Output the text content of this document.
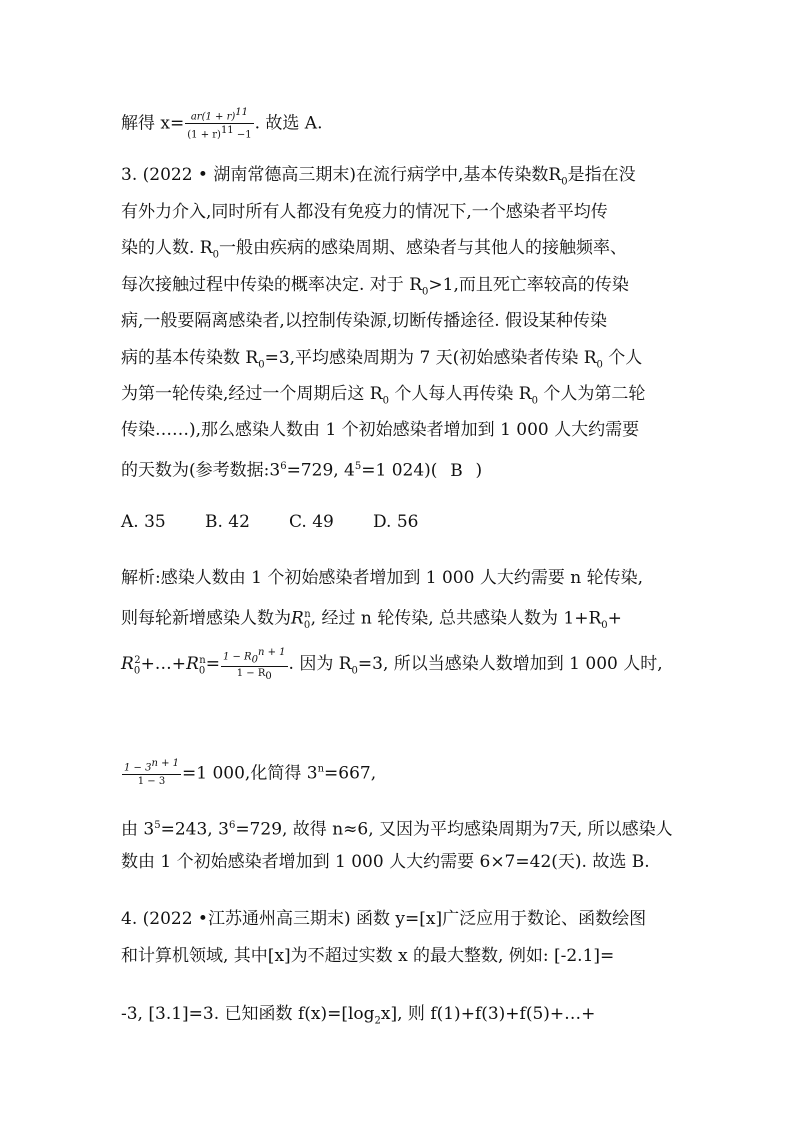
解得 $x= \frac{ar(1 + r)^{11}}{(1 + r)^{11} -1}$ . 故选 A.
3. (2022 • 湖南常德高三期末)在流行病学中,基本传染数$R_0$是指在没
有外力介入,同时所有人都没有免疫力的情况下,一个感染者平均传
染的人数. $R_0$一般由疾病的感染周期、感染者与其他人的接触频率、
每次接触过程中传染的概率决定. 对于 $R_0>1$,而且死亡率较高的传染
病,一般要隔离感染者,以控制传染源,切断传播途径. 假设某种传染
病的基本传染数 $R_0=3$,平均感染周期为 7 天(初始感染者传染 $R_0$ 个人
为第一轮传染,经过一个周期后这 $R_0$ 个人每人再传染 $R_0$ 个人为第二轮
传染……),那么感染人数由 1 个初始感染者增加到 1 000 人大约需要
的天数为(参考数据$:3^6=729$, $4^5=1$ 024)( B )
A. 35 B. 42 C. 49 D. 56
解析:感染人数由 1 个初始感染者增加到 1 000 人大约需要 n 轮传染,
则每轮新增感染人数为$R_0^n$, 经过 n 轮传染, 总共感染人数为 $1+R_0+$
$R_0^2+\dots+R_0^n= \frac{1 - R_0^{n + 1}}{1 - R_0}$ . 因为 $R_0=3$, 所以当感染人数增加到 1 000 人时,
$\frac{1 - 3^{n + 1}}{1 - 3} =1$ 000,化简得 $3^n=667$,
由 $3^5=243$, $3^6=729$, 故得 n≈6, 又因为平均感染周期为7天, 所以感染人
数由 1 个初始感染者增加到 1 000 人大约需要 6×7=42(天). 故选 B.
4. (2022 •江苏通州高三期末) 函数 y=[x]广泛应用于数论、函数绘图
和计算机领域, 其中[x]为不超过实数 x 的最大整数, 例如: [-2.1]=
-3, [3.1]=3. 已知函数 $f(x)=[\log_2x]$, 则 f(1)+f(3)+f(5)+…+
